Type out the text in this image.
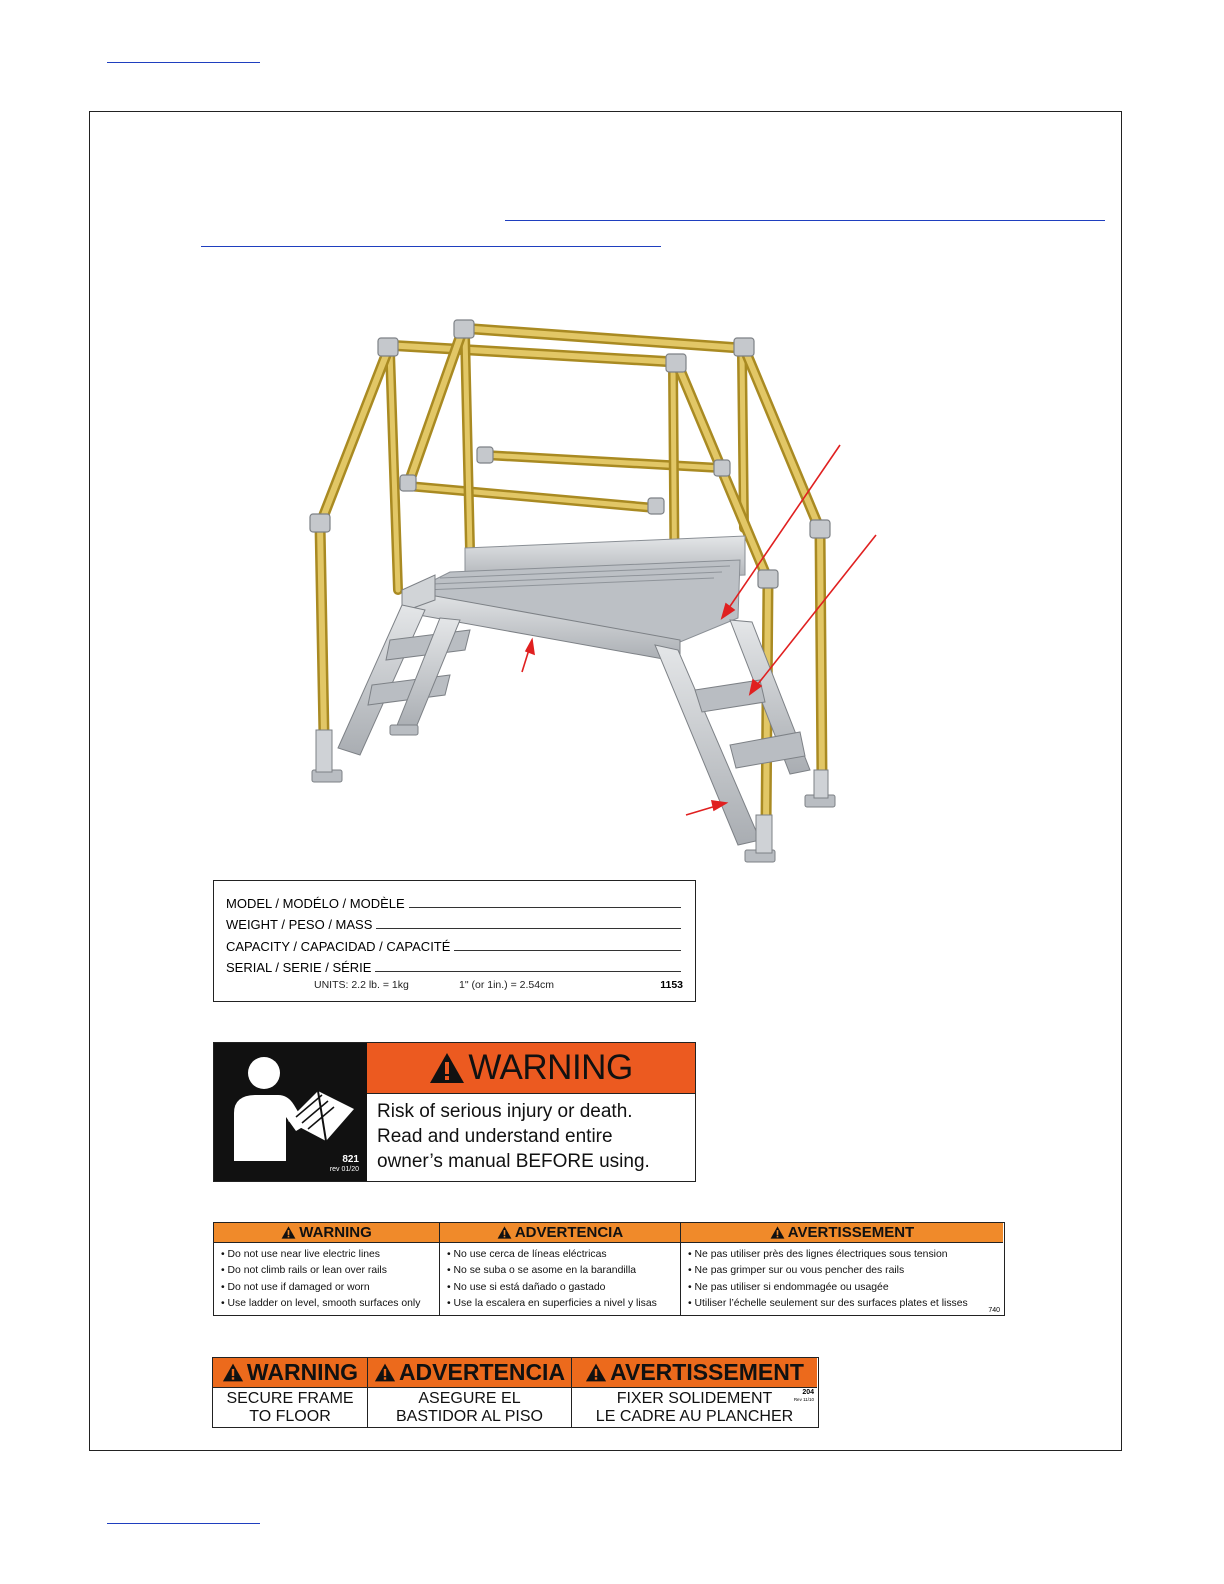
MODEL / MODÉLO / MODÈLE
WEIGHT / PESO / MASS
CAPACITY / CAPACIDAD / CAPACITÉ
SERIAL / SERIE / SÉRIE
UNITS: 2.2 lb. = 1kg	1" (or 1in.) = 2.54cm	1153
821
rev 01/20
WARNING
Risk of serious injury or death.
Read and understand entire
owner’s manual BEFORE using.
WARNING
• Do not use near live electric lines
• Do not climb rails or lean over rails
• Do not use if damaged or worn
• Use ladder on level, smooth surfaces only
ADVERTENCIA
• No use cerca de líneas eléctricas
• No se suba o se asome en la barandilla
• No use si está dañado o gastado
• Use la escalera en superficies a nivel y lisas
AVERTISSEMENT
• Ne pas utiliser près des lignes électriques sous tension
• Ne pas grimper sur ou vous pencher des rails
• Ne pas utiliser si endommagée ou usagée
• Utiliser l’échelle seulement sur des surfaces plates et lisses
740
WARNING
SECURE FRAME
TO FLOOR
ADVERTENCIA
ASEGURE EL
BASTIDOR AL PISO
AVERTISSEMENT
FIXER SOLIDEMENT
LE CADRE AU PLANCHER
204
Rev 11/10
